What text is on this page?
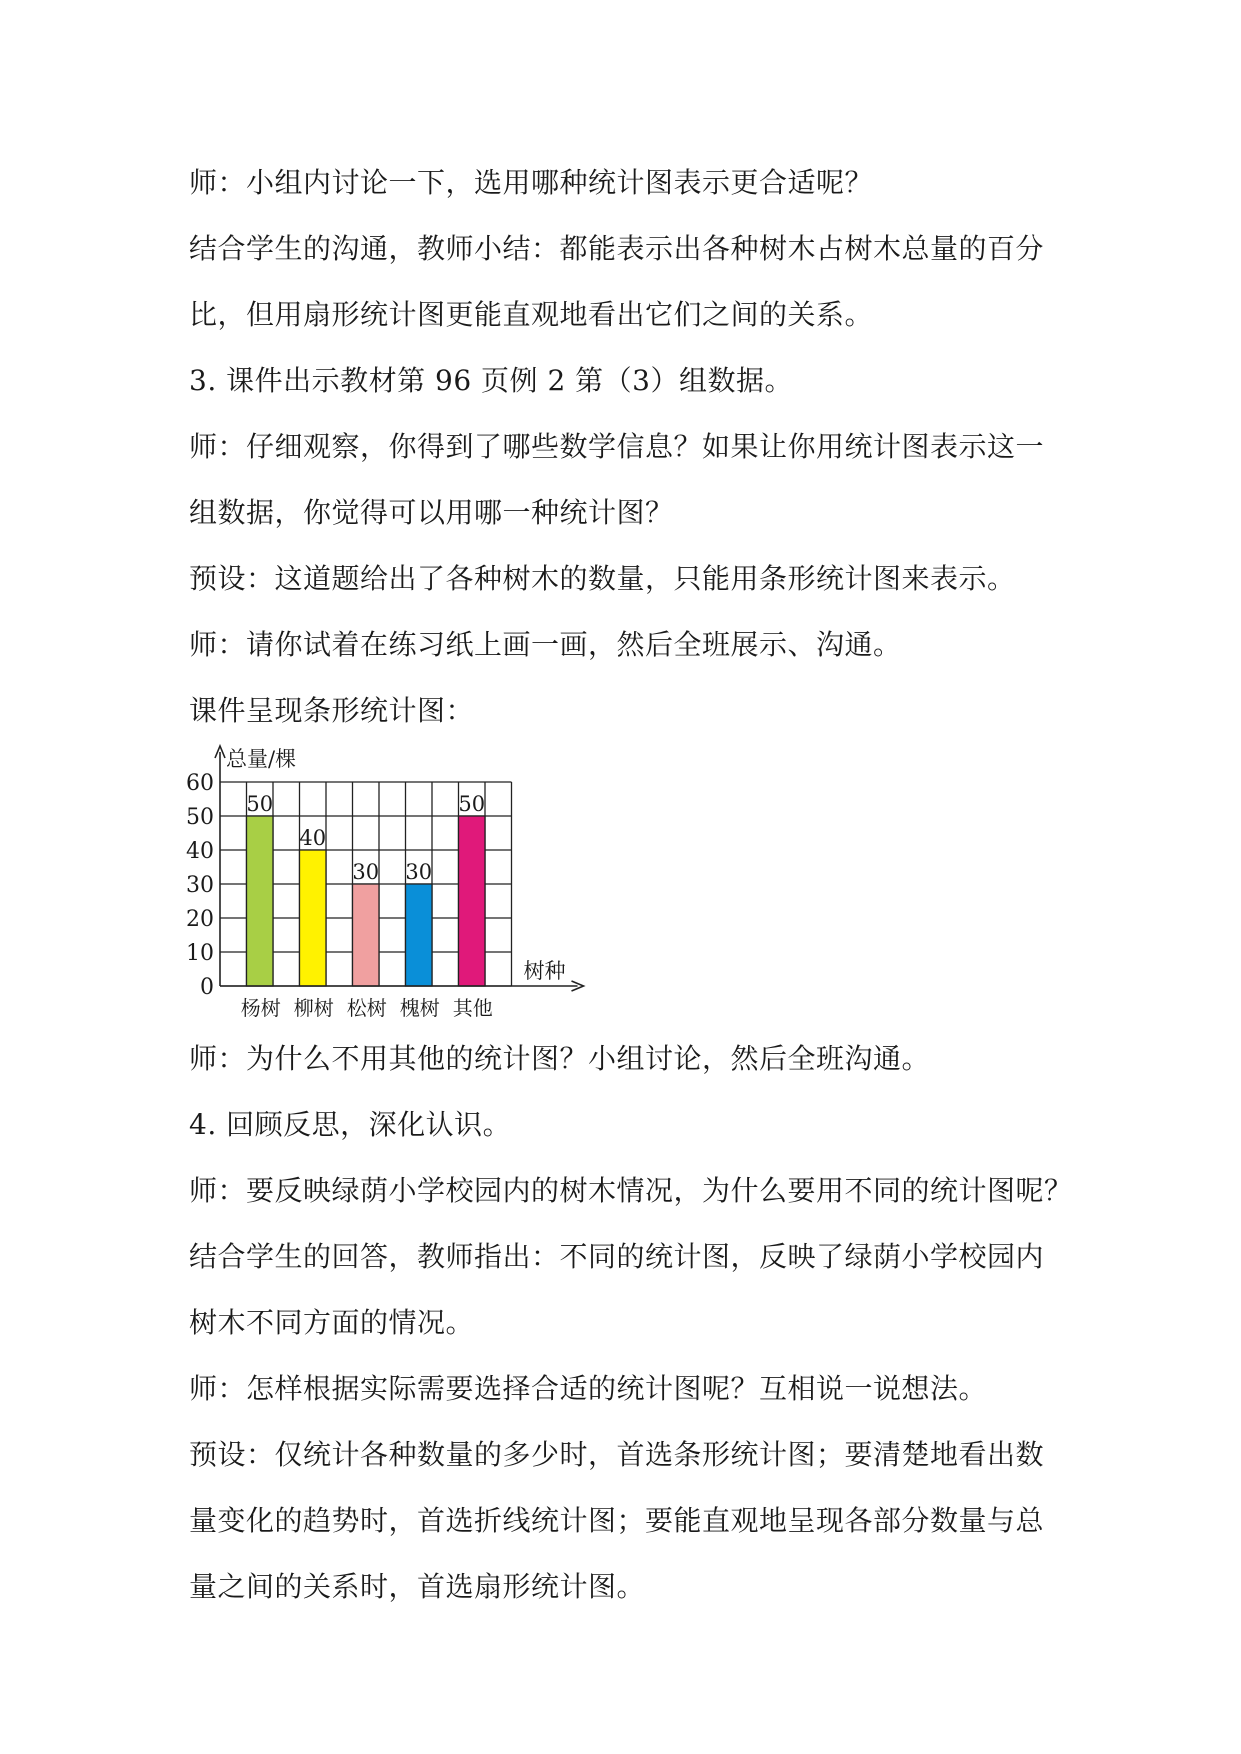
师：小组内讨论一下，选用哪种统计图表示更合适呢？

结合学生的沟通，教师小结：都能表示出各种树木占树木总量的百分

比，但用扇形统计图更能直观地看出它们之间的关系。

3. 课件出示教材第 96 页例 2 第（3）组数据。

师：仔细观察，你得到了哪些数学信息？如果让你用统计图表示这一

组数据，你觉得可以用哪一种统计图？

预设：这道题给出了各种树木的数量，只能用条形统计图来表示。

师：请你试着在练习纸上画一画，然后全班展示、沟通。

课件呈现条形统计图：

50
杨树
40
柳树
30
松树
30
槐树
50
其他
0
10
20
30
40
50
60
总量/棵
树种

师：为什么不用其他的统计图？小组讨论，然后全班沟通。

4. 回顾反思，深化认识。

师：要反映绿荫小学校园内的树木情况，为什么要用不同的统计图呢？

结合学生的回答，教师指出：不同的统计图，反映了绿荫小学校园内

树木不同方面的情况。

师：怎样根据实际需要选择合适的统计图呢？互相说一说想法。

预设：仅统计各种数量的多少时，首选条形统计图；要清楚地看出数

量变化的趋势时，首选折线统计图；要能直观地呈现各部分数量与总

量之间的关系时，首选扇形统计图。
